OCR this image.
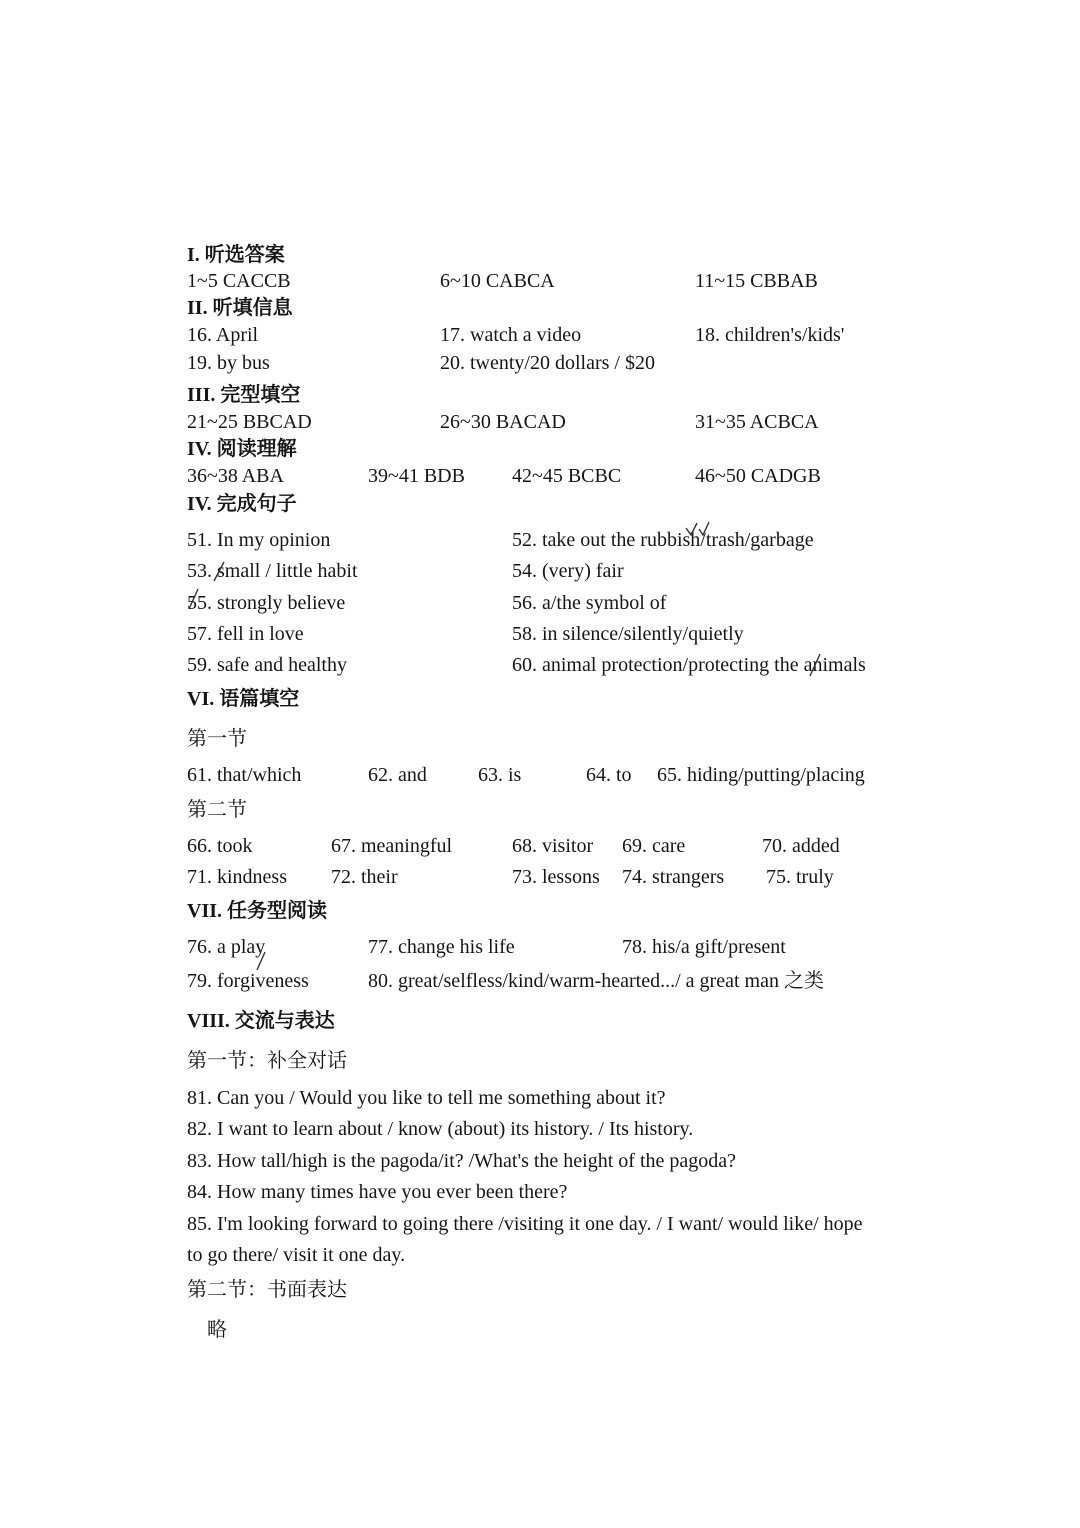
I. 听选答案
1~5 CACCB	6~10 CABCA	11~15 CBBAB
II. 听填信息
16. April	17. watch a video	18. children's/kids'
19. by bus	20. twenty/20 dollars / $20
III. 完型填空
21~25 BBCAD	26~30 BACAD	31~35 ACBCA
IV. 阅读理解
36~38 ABA	39~41 BDB 42~45 BCBC	46~50 CADGB
IV. 完成句子
51. In my opinion	52. take out the rubbish/trash/garbage
53. small / little habit	54. (very) fair
55. strongly believe	56. a/the symbol of
57. fell in love	58. in silence/silently/quietly
59. safe and healthy	60. animal protection/protecting the animals
VI. 语篇填空
第一节
61. that/which	62. and	63. is	64. to 65. hiding/putting/placing
第二节
66. took	67. meaningful	68. visitor 69. care	70. added
71. kindness 72. their	73. lessons 74. strangers 75. truly
VII. 任务型阅读
76. a play	77. change his life	78. his/a gift/present
79. forgiveness	80. great/selfless/kind/warm-hearted.../ a great man 之类
VIII. 交流与表达
第一节：补全对话
81. Can you / Would you like to tell me something about it?
82. I want to learn about / know (about) its history. / Its history.
83. How tall/high is the pagoda/it? /What's the height of the pagoda?
84. How many times have you ever been there?
85. I'm looking forward to going there /visiting it one day. / I want/ would like/ hope
to go there/ visit it one day.
第二节：书面表达
略
